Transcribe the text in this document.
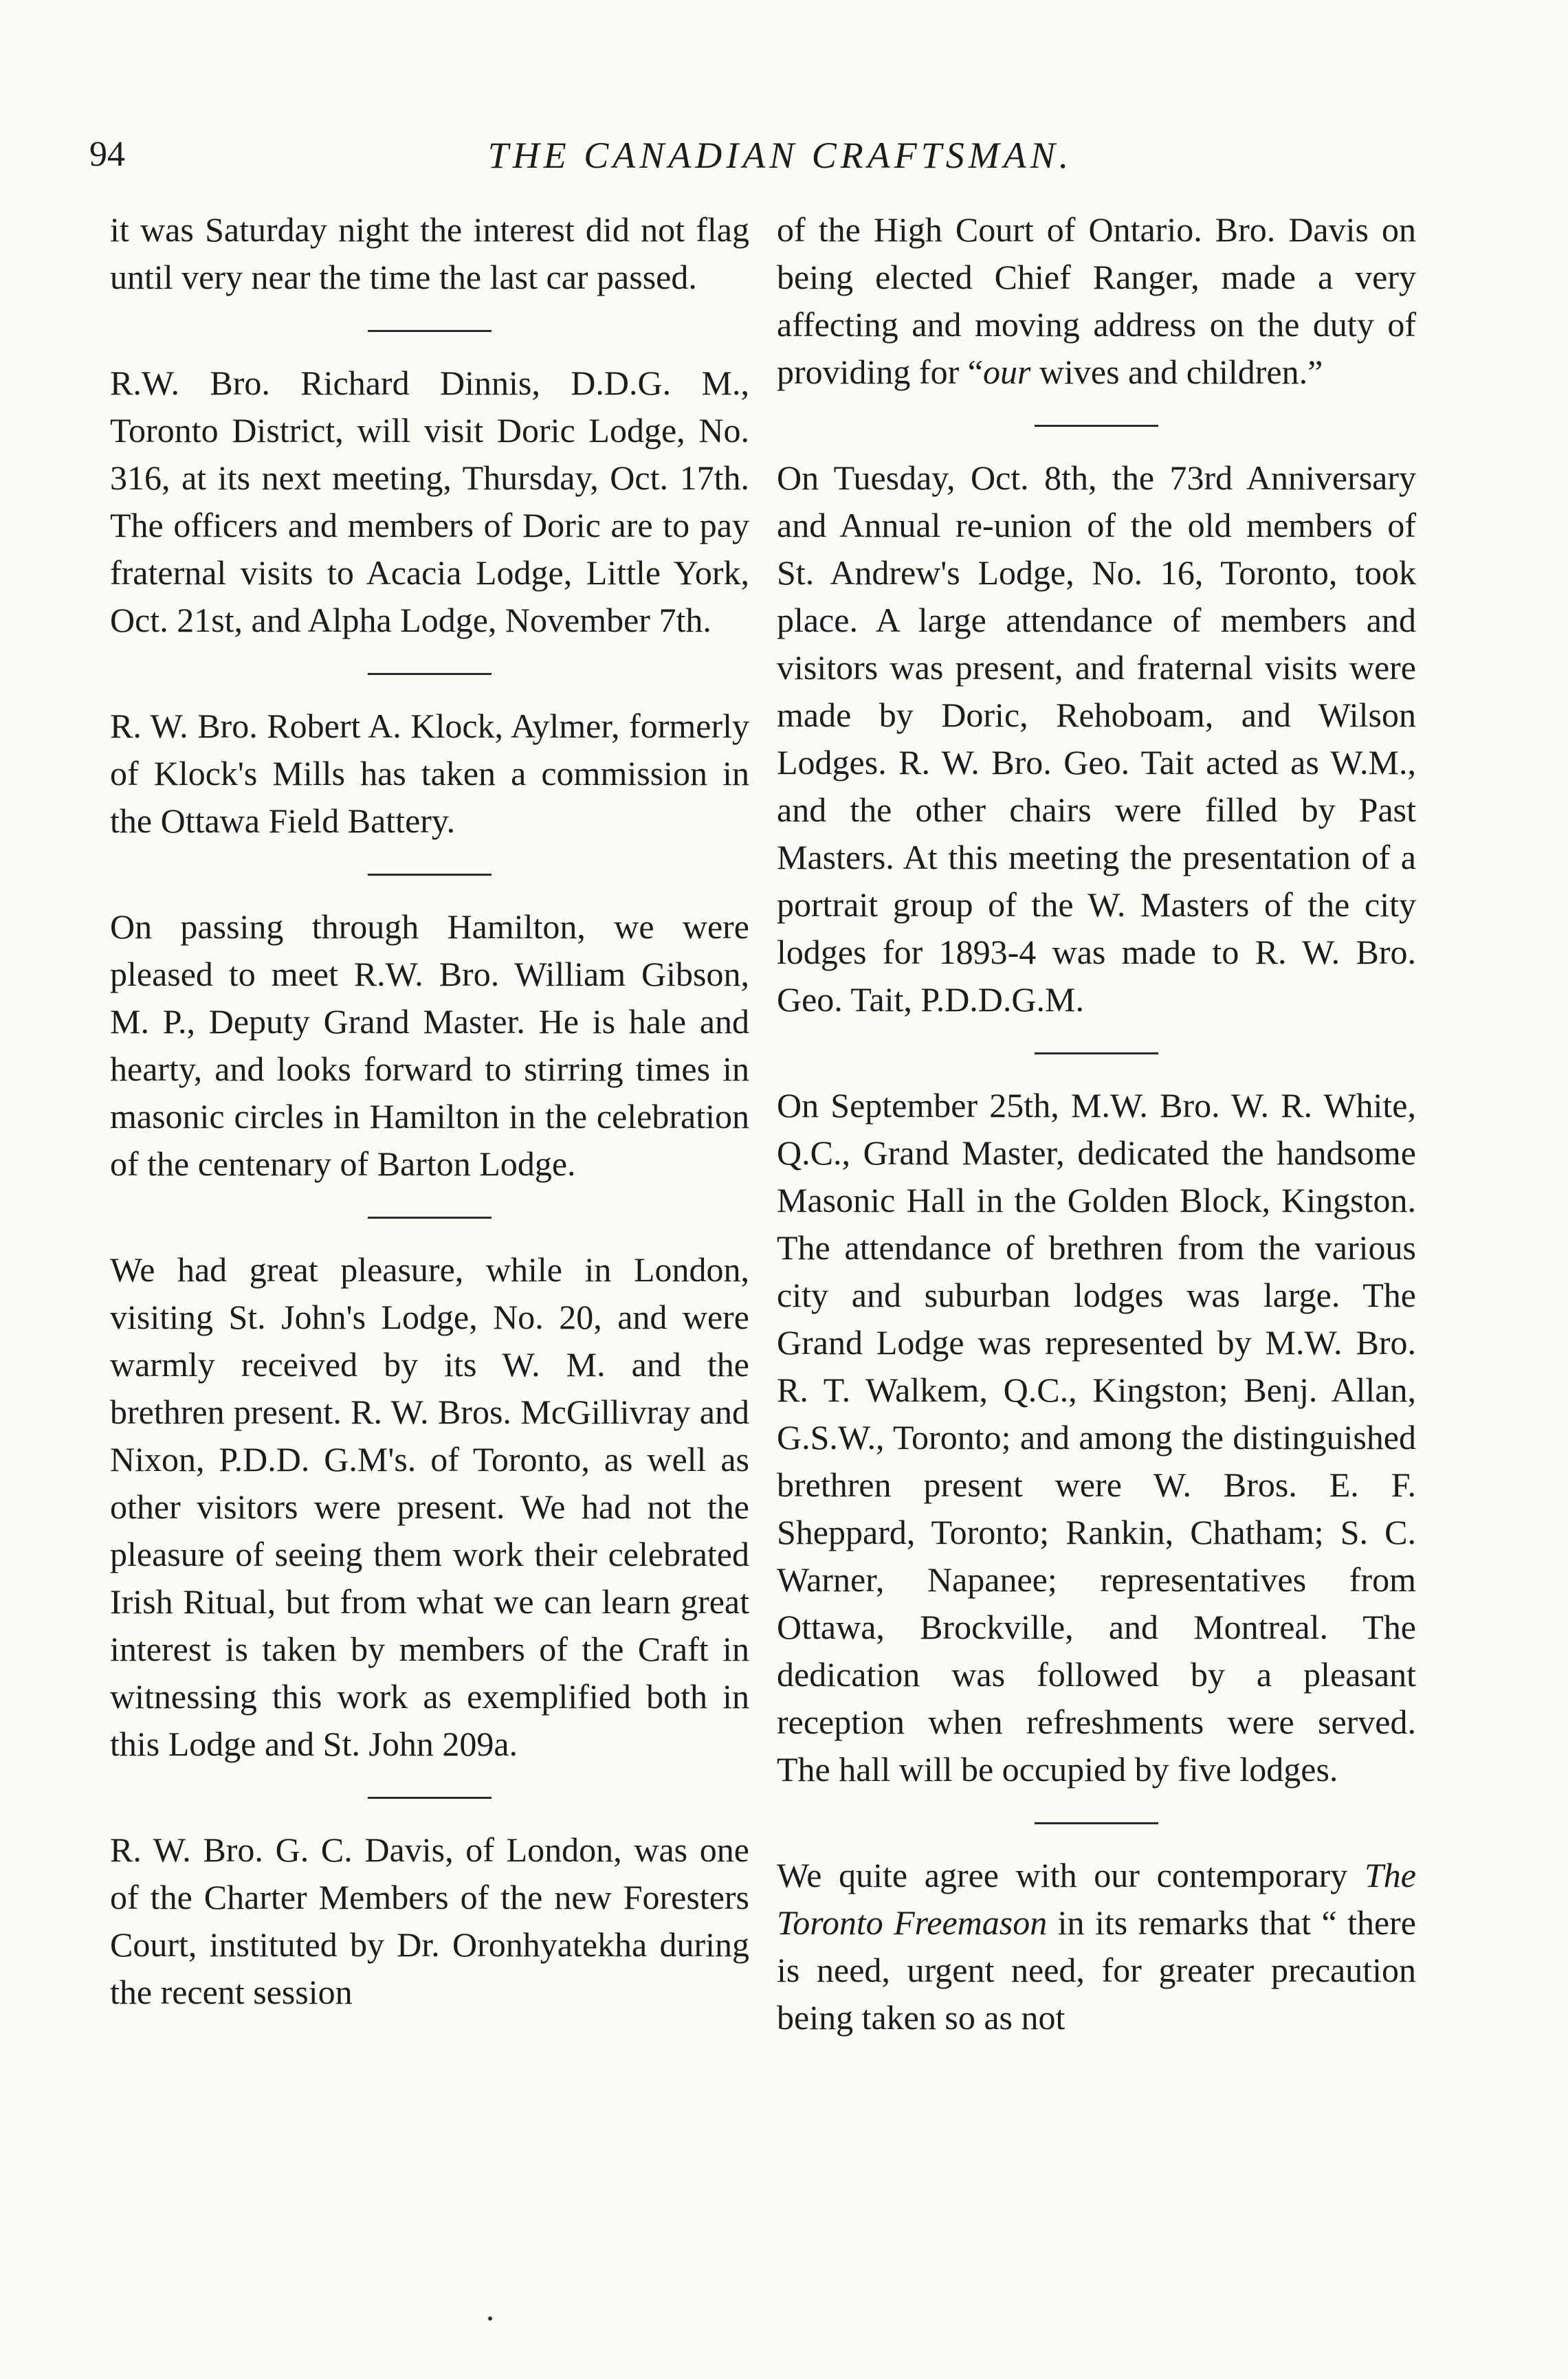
94	THE CANADIAN CRAFTSMAN.

it was Saturday night the interest did not flag until very near the time the last car passed.

R.W. Bro. Richard Dinnis, D.D.G. M., Toronto District, will visit Doric Lodge, No. 316, at its next meeting, Thursday, Oct. 17th. The officers and members of Doric are to pay fraternal visits to Acacia Lodge, Little York, Oct. 21st, and Alpha Lodge, November 7th.

R. W. Bro. Robert A. Klock, Aylmer, formerly of Klock's Mills has taken a commission in the Ottawa Field Battery.

On passing through Hamilton, we were pleased to meet R.W. Bro. William Gibson, M. P., Deputy Grand Master. He is hale and hearty, and looks forward to stirring times in masonic circles in Hamilton in the celebration of the centenary of Barton Lodge.

We had great pleasure, while in London, visiting St. John's Lodge, No. 20, and were warmly received by its W. M. and the brethren present. R. W. Bros. McGillivray and Nixon, P.D.D. G.M's. of Toronto, as well as other visitors were present. We had not the pleasure of seeing them work their celebrated Irish Ritual, but from what we can learn great interest is taken by members of the Craft in witnessing this work as exemplified both in this Lodge and St. John 209a.

R. W. Bro. G. C. Davis, of London, was one of the Charter Members of the new Foresters Court, instituted by Dr. Oronhyatekha during the recent session

of the High Court of Ontario. Bro. Davis on being elected Chief Ranger, made a very affecting and moving address on the duty of providing for “our wives and children.”

On Tuesday, Oct. 8th, the 73rd Anniversary and Annual re-union of the old members of St. Andrew's Lodge, No. 16, Toronto, took place. A large attendance of members and visitors was present, and fraternal visits were made by Doric, Rehoboam, and Wilson Lodges. R. W. Bro. Geo. Tait acted as W.M., and the other chairs were filled by Past Masters. At this meeting the presentation of a portrait group of the W. Masters of the city lodges for 1893-4 was made to R. W. Bro. Geo. Tait, P.D.D.G.M.

On September 25th, M.W. Bro. W. R. White, Q.C., Grand Master, dedicated the handsome Masonic Hall in the Golden Block, Kingston. The attendance of brethren from the various city and suburban lodges was large. The Grand Lodge was represented by M.W. Bro. R. T. Walkem, Q.C., Kingston; Benj. Allan, G.S.W., Toronto; and among the distinguished brethren present were W. Bros. E. F. Sheppard, Toronto; Rankin, Chatham; S. C. Warner, Napanee; representatives from Ottawa, Brockville, and Montreal. The dedication was followed by a pleasant reception when refreshments were served. The hall will be occupied by five lodges.

We quite agree with our contemporary The Toronto Freemason in its remarks that “ there is need, urgent need, for greater precaution being taken so as not
